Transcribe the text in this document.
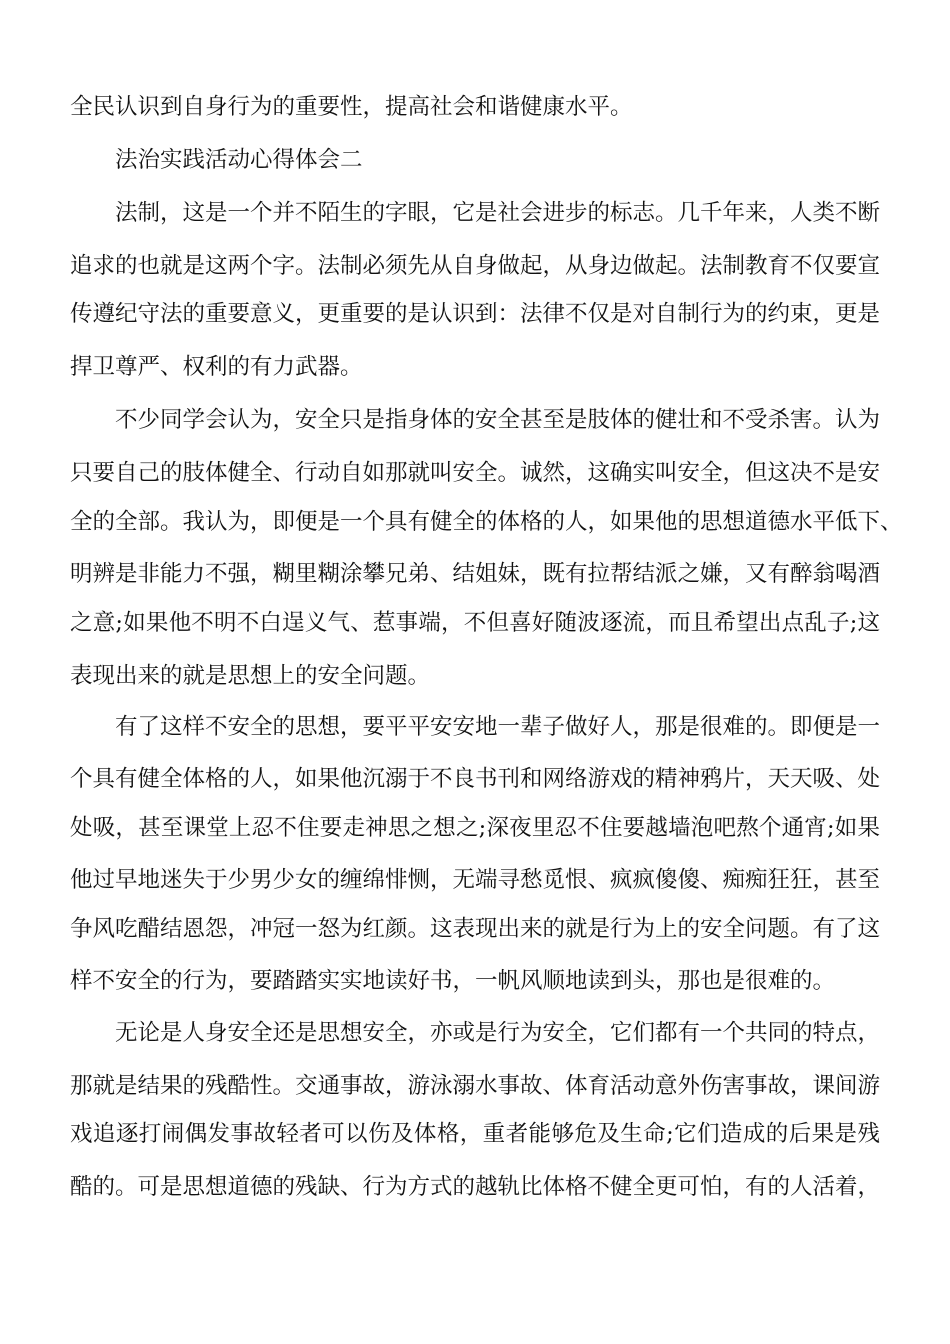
全民认识到自身行为的重要性，提高社会和谐健康水平。
法治实践活动心得体会二
法制，这是一个并不陌生的字眼，它是社会进步的标志。几千年来，人类不断
追求的也就是这两个字。法制必须先从自身做起，从身边做起。法制教育不仅要宣
传遵纪守法的重要意义，更重要的是认识到：法律不仅是对自制行为的约束，更是
捍卫尊严、权利的有力武器。
不少同学会认为，安全只是指身体的安全甚至是肢体的健壮和不受杀害。认为
只要自己的肢体健全、行动自如那就叫安全。诚然，这确实叫安全，但这决不是安
全的全部。我认为，即便是一个具有健全的体格的人，如果他的思想道德水平低下、
明辨是非能力不强，糊里糊涂攀兄弟、结姐妹，既有拉帮结派之嫌，又有醉翁喝酒
之意;如果他不明不白逞义气、惹事端，不但喜好随波逐流，而且希望出点乱子;这
表现出来的就是思想上的安全问题。
有了这样不安全的思想，要平平安安地一辈子做好人，那是很难的。即便是一
个具有健全体格的人，如果他沉溺于不良书刊和网络游戏的精神鸦片，天天吸、处
处吸，甚至课堂上忍不住要走神思之想之;深夜里忍不住要越墙泡吧熬个通宵;如果
他过早地迷失于少男少女的缠绵悱恻，无端寻愁觅恨、疯疯傻傻、痴痴狂狂，甚至
争风吃醋结恩怨，冲冠一怒为红颜。这表现出来的就是行为上的安全问题。有了这
样不安全的行为，要踏踏实实地读好书，一帆风顺地读到头，那也是很难的。
无论是人身安全还是思想安全，亦或是行为安全，它们都有一个共同的特点，
那就是结果的残酷性。交通事故，游泳溺水事故、体育活动意外伤害事故，课间游
戏追逐打闹偶发事故轻者可以伤及体格，重者能够危及生命;它们造成的后果是残
酷的。可是思想道德的残缺、行为方式的越轨比体格不健全更可怕，有的人活着，
